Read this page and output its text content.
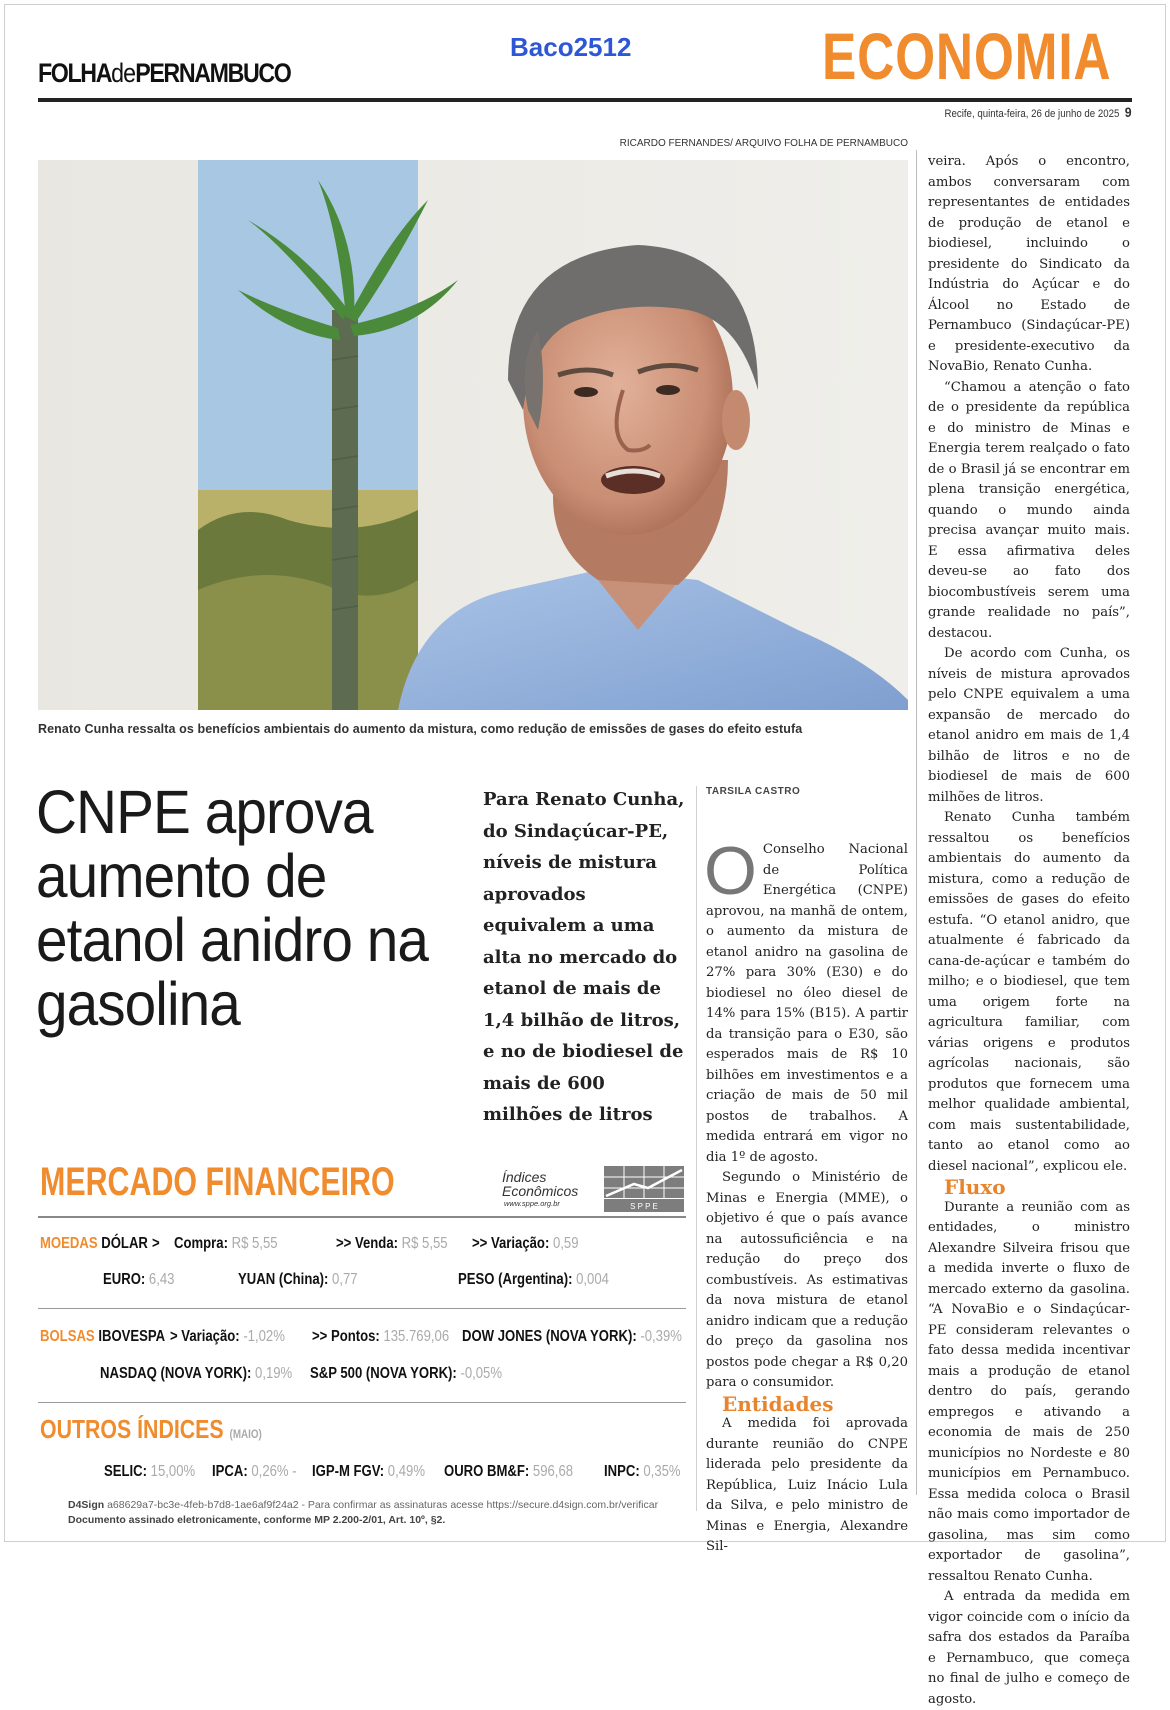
FOLHAdePERNAMBUCO
Baco2512	ECONOMIA
Recife, quinta-feira, 26 de junho de 2025 9
RICARDO FERNANDES/ ARQUIVO FOLHA DE PERNAMBUCO
Renato Cunha ressalta os benefícios ambientais do aumento da mistura, como redução de emissões de gases do efeito estufa
CNPE aprova aumento de etanol anidro na gasolina
Para Renato Cunha, do Sindaçúcar-PE, níveis de mistura aprovados equivalem a uma alta no mercado do etanol de mais de 1,4 bilhão de litros, e no de biodiesel de mais de 600 milhões de litros
TARSILA CASTRO

O Conselho Nacional de Política Energética (CNPE) aprovou, na manhã de ontem, o aumento da mistura de etanol anidro na gasolina de 27% para 30% (E30) e do biodiesel no óleo diesel de 14% para 15% (B15). A partir da transição para o E30, são esperados mais de R$ 10 bilhões em investimentos e a criação de mais de 50 mil postos de trabalhos. A medida entrará em vigor no dia 1º de agosto.

Segundo o Ministério de Minas e Energia (MME), o objetivo é que o país avance na autossuficiência e na redução do preço dos combustíveis. As estimativas da nova mistura de etanol anidro indicam que a redução do preço da gasolina nos postos pode chegar a R$ 0,20 para o consumidor.

Entidades

A medida foi aprovada durante reunião do CNPE liderada pelo presidente da República, Luiz Inácio Lula da Silva, e pelo ministro de Minas e Energia, Alexandre Sil-

veira. Após o encontro, ambos conversaram com representantes de entidades de produção de etanol e biodiesel, incluindo o presidente do Sindicato da Indústria do Açúcar e do Álcool no Estado de Pernambuco (Sindaçúcar-PE) e presidente-executivo da NovaBio, Renato Cunha.

“Chamou a atenção o fato de o presidente da república e do ministro de Minas e Energia terem realçado o fato de o Brasil já se encontrar em plena transição energética, quando o mundo ainda precisa avançar muito mais. E essa afirmativa deles deveu-se ao fato dos biocombustíveis serem uma grande realidade no país”, destacou.

De acordo com Cunha, os níveis de mistura aprovados pelo CNPE equivalem a uma expansão de mercado do etanol anidro em mais de 1,4 bilhão de litros e no de biodiesel de mais de 600 milhões de litros.

Renato Cunha também ressaltou os benefícios ambientais do aumento da mistura, como a redução de emissões de gases do efeito estufa. “O etanol anidro, que atualmente é fabricado da cana-de-açúcar e também do milho; e o biodiesel, que tem uma origem forte na agricultura familiar, com várias origens e produtos agrícolas nacionais, são produtos que fornecem uma melhor qualidade ambiental, com mais sustentabilidade, tanto ao etanol como ao diesel nacional”, explicou ele.

Fluxo

Durante a reunião com as entidades, o ministro Alexandre Silveira frisou que a medida inverte o fluxo de mercado externo da gasolina. “A NovaBio e o Sindaçúcar-PE consideram relevantes o fato dessa medida incentivar mais a produção de etanol dentro do país, gerando empregos e ativando a economia de mais de 250 municípios no Nordeste e 80 municípios em Pernambuco. Essa medida coloca o Brasil não mais como importador de gasolina, mas sim como exportador de gasolina”, ressaltou Renato Cunha.

A entrada da medida em vigor coincide com o início da safra dos estados da Paraíba e Pernambuco, que começa no final de julho e começo de agosto.

MERCADO FINANCEIRO	Índices
Econômicos
www.sppe.org.br	S P P E
MOEDAS DÓLAR > Compra: R$ 5,55	>> Venda: R$ 5,55 >> Variação: 0,59
EURO: 6,43	YUAN (China): 0,77	PESO (Argentina): 0,004
BOLSAS IBOVESPA > Variação: -1,02% >> Pontos: 135.769,06 DOW JONES (NOVA YORK): -0,39%
NASDAQ (NOVA YORK): 0,19% S&P 500 (NOVA YORK): -0,05%
OUTROS ÍNDICES (MAIO)
SELIC: 15,00% IPCA: 0,26% - IGP-M FGV: 0,49% OURO BM&F: 596,68 INPC: 0,35%
D4Sign a68629a7-bc3e-4feb-b7d8-1ae6af9f24a2 - Para confirmar as assinaturas acesse https://secure.d4sign.com.br/verificar
Documento assinado eletronicamente, conforme MP 2.200-2/01, Art. 10º, §2.
